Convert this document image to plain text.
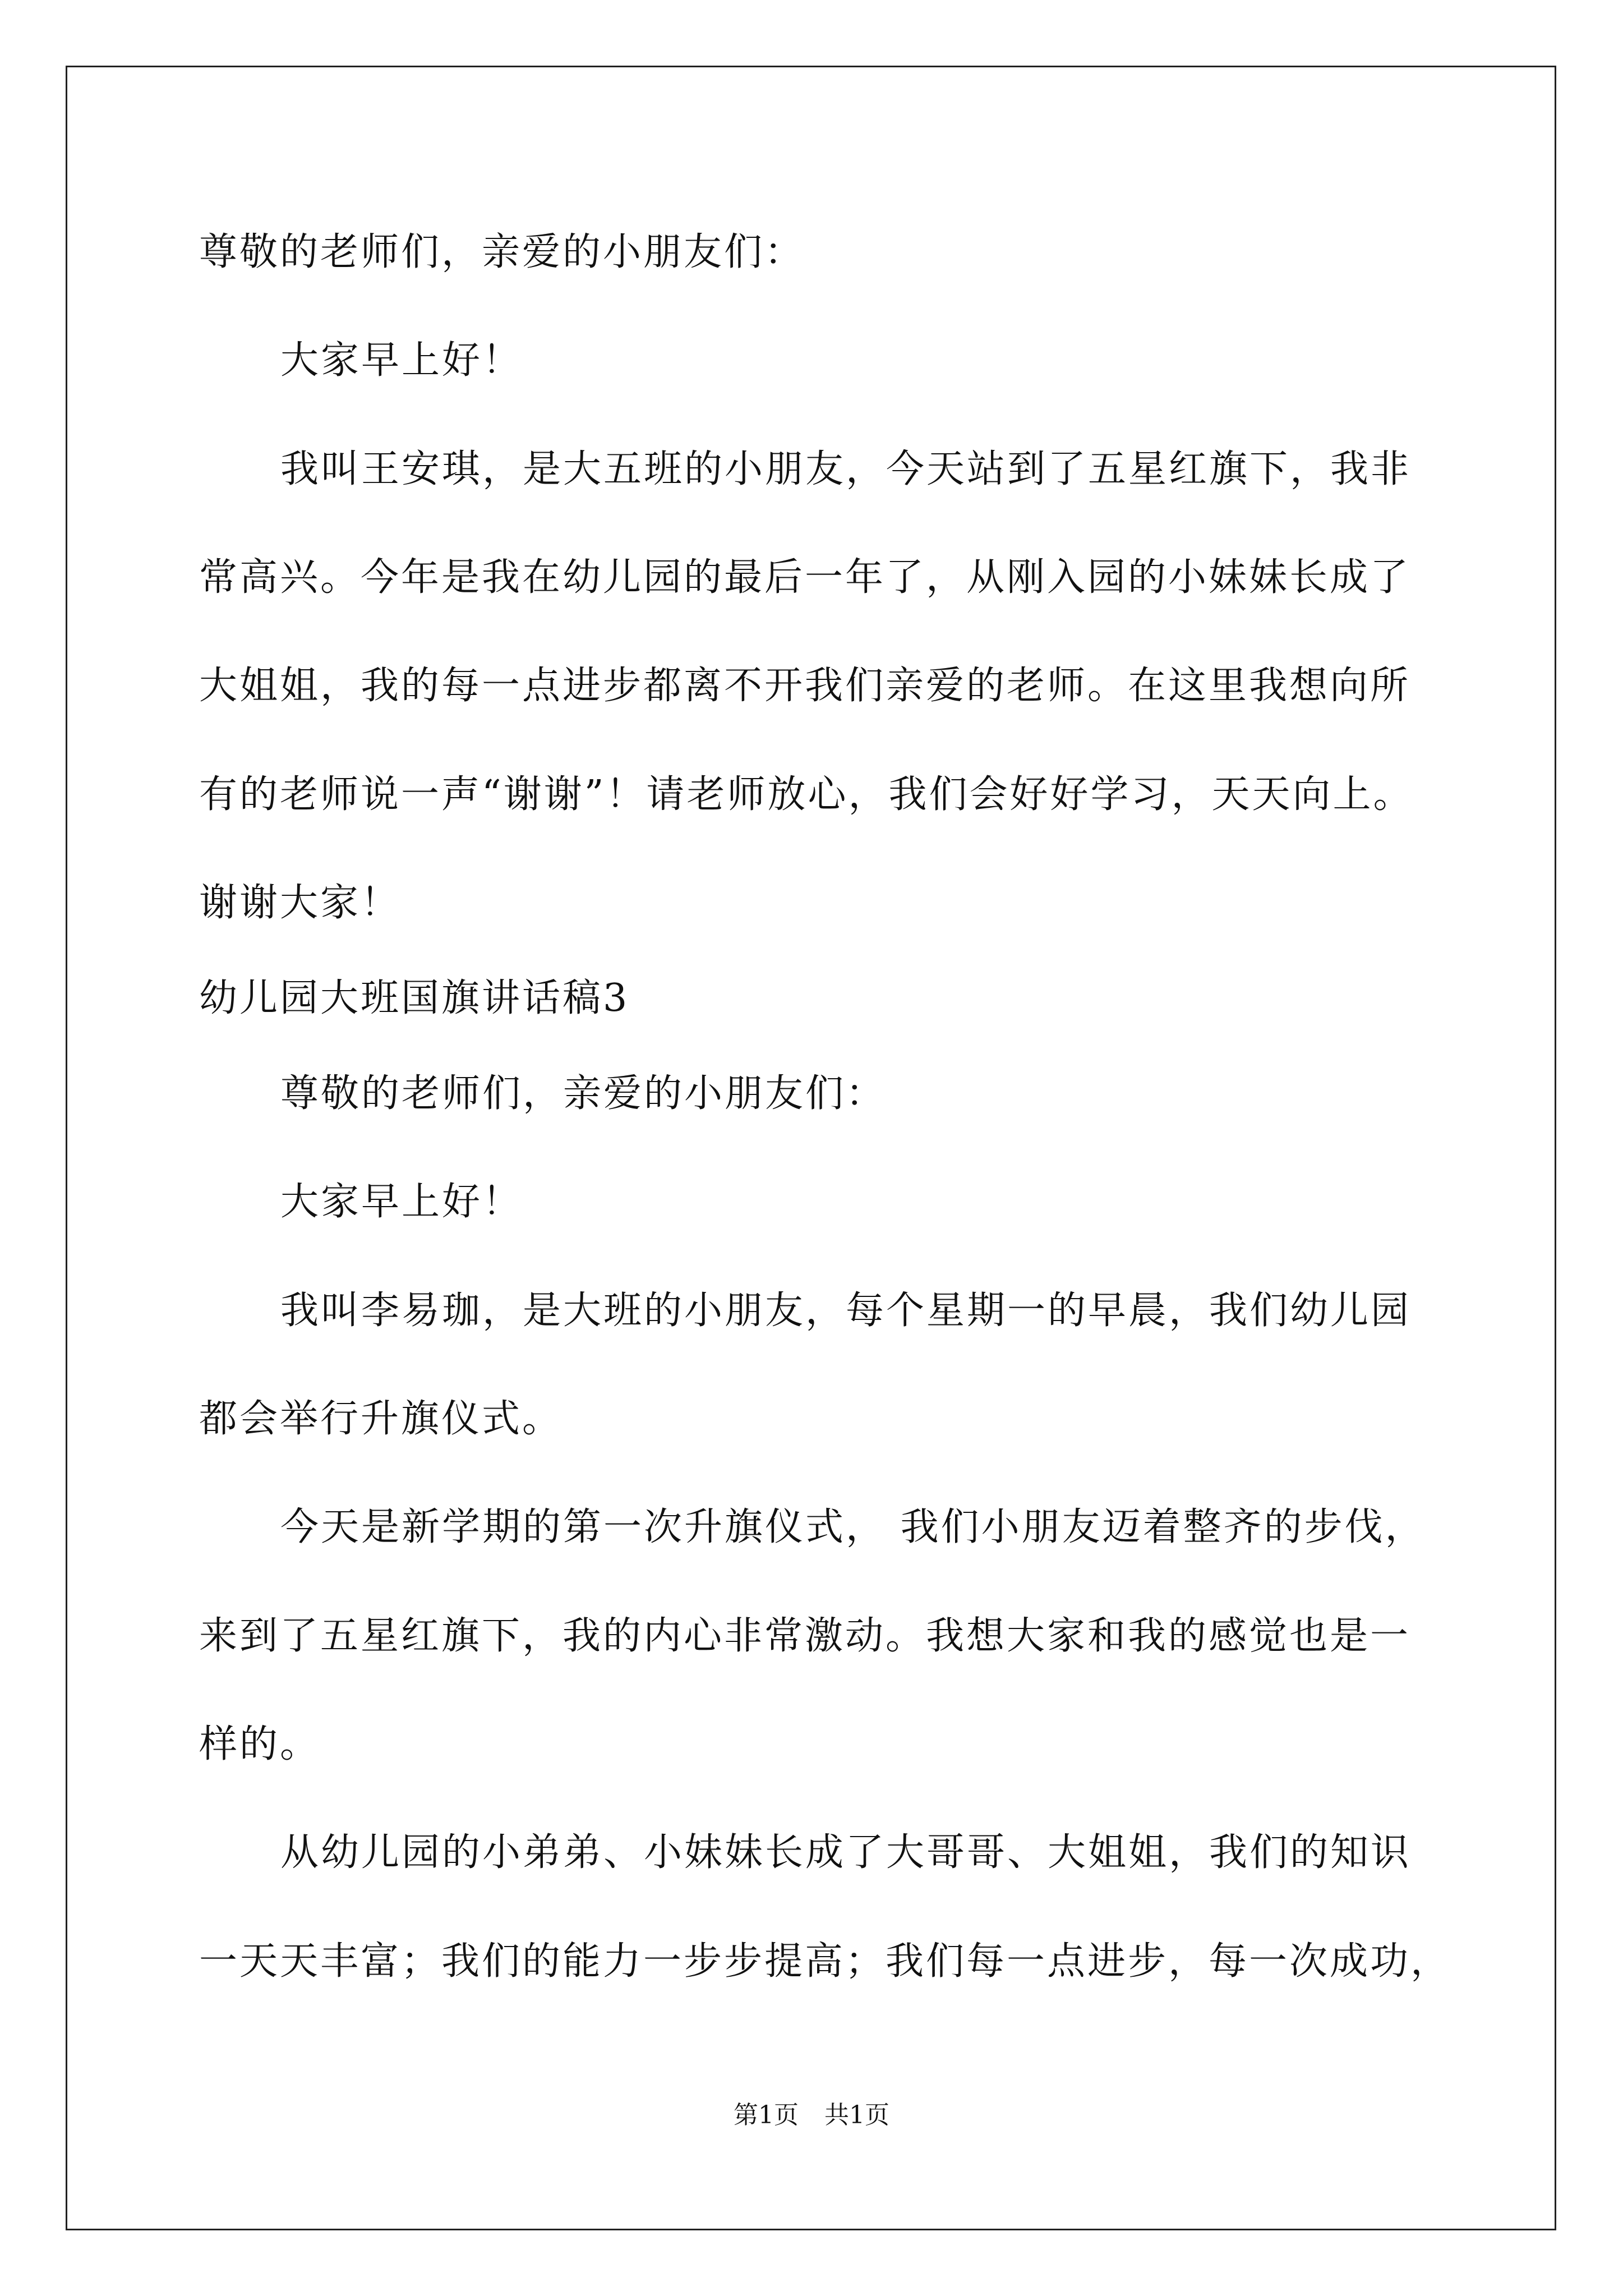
尊敬的老师们，亲爱的小朋友们：
大家早上好！
我叫王安琪，是大五班的小朋友，今天站到了五星红旗下，我非
常高兴。今年是我在幼儿园的最后一年了，从刚入园的小妹妹长成了
大姐姐，我的每一点进步都离不开我们亲爱的老师。在这里我想向所
有的老师说一声“谢谢”！请老师放心，我们会好好学习，天天向上。
谢谢大家！
幼儿园大班国旗讲话稿3
尊敬的老师们，亲爱的小朋友们：
大家早上好！
我叫李易珈，是大班的小朋友，每个星期一的早晨，我们幼儿园
都会举行升旗仪式。
今天是新学期的第一次升旗仪式， 我们小朋友迈着整齐的步伐，
来到了五星红旗下，我的内心非常激动。我想大家和我的感觉也是一
样的。
从幼儿园的小弟弟、小妹妹长成了大哥哥、大姐姐，我们的知识
一天天丰富；我们的能力一步步提高；我们每一点进步，每一次成功，
第1页 共1页
